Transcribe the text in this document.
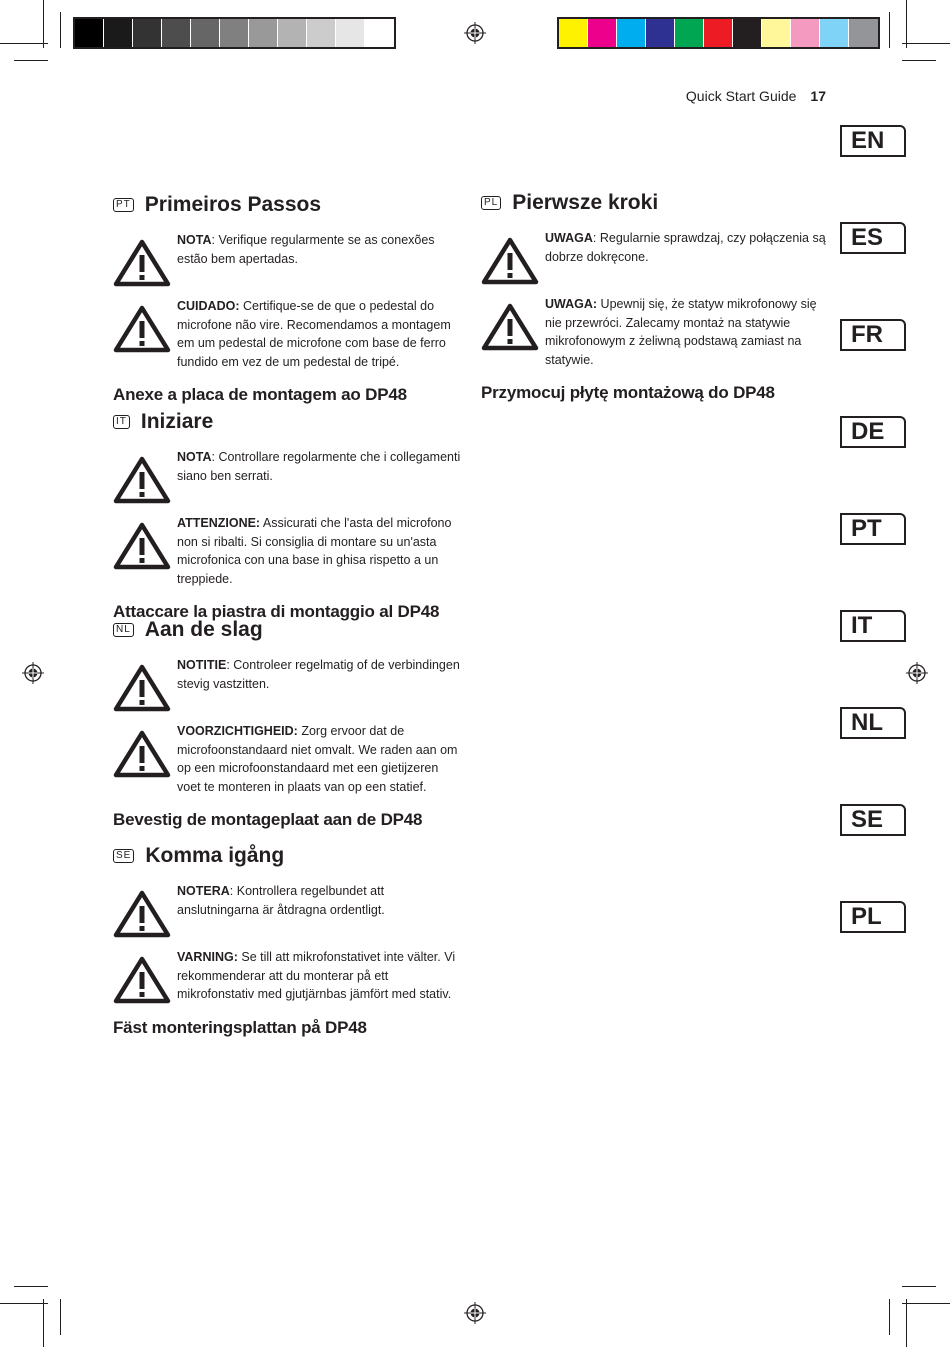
Quick Start Guide 17
EN
ES
FR
DE
PT
IT
NL
SE
PL
PT Primeiros Passos
NOTA: Verifique regularmente se as conexões estão bem apertadas.
CUIDADO: Certifique-se de que o pedestal do microfone não vire. Recomendamos a montagem em um pedestal de microfone com base de ferro fundido em vez de um pedestal de tripé.
Anexe a placa de montagem ao DP48
IT Iniziare
NOTA: Controllare regolarmente che i collegamenti siano ben serrati.
ATTENZIONE: Assicurati che l'asta del microfono non si ribalti. Si consiglia di montare su un'asta microfonica con una base in ghisa rispetto a un treppiede.
Attaccare la piastra di montaggio al DP48
NL Aan de slag
NOTITIE: Controleer regelmatig of de verbindingen stevig vastzitten.
VOORZICHTIGHEID: Zorg ervoor dat de microfoonstandaard niet omvalt. We raden aan om op een microfoonstandaard met een gietijzeren voet te monteren in plaats van op een statief.
Bevestig de montageplaat aan de DP48
SE Komma igång
NOTERA: Kontrollera regelbundet att anslutningarna är åtdragna ordentligt.
VARNING: Se till att mikrofonstativet inte välter. Vi rekommenderar att du monterar på ett mikrofonstativ med gjutjärnbas jämfört med stativ.
Fäst monteringsplattan på DP48
PL Pierwsze kroki
UWAGA: Regularnie sprawdzaj, czy połączenia są dobrze dokręcone.
UWAGA: Upewnij się, że statyw mikrofonowy się nie przewróci. Zalecamy montaż na statywie mikrofonowym z żeliwną podstawą zamiast na statywie.
Przymocuj płytę montażową do DP48
